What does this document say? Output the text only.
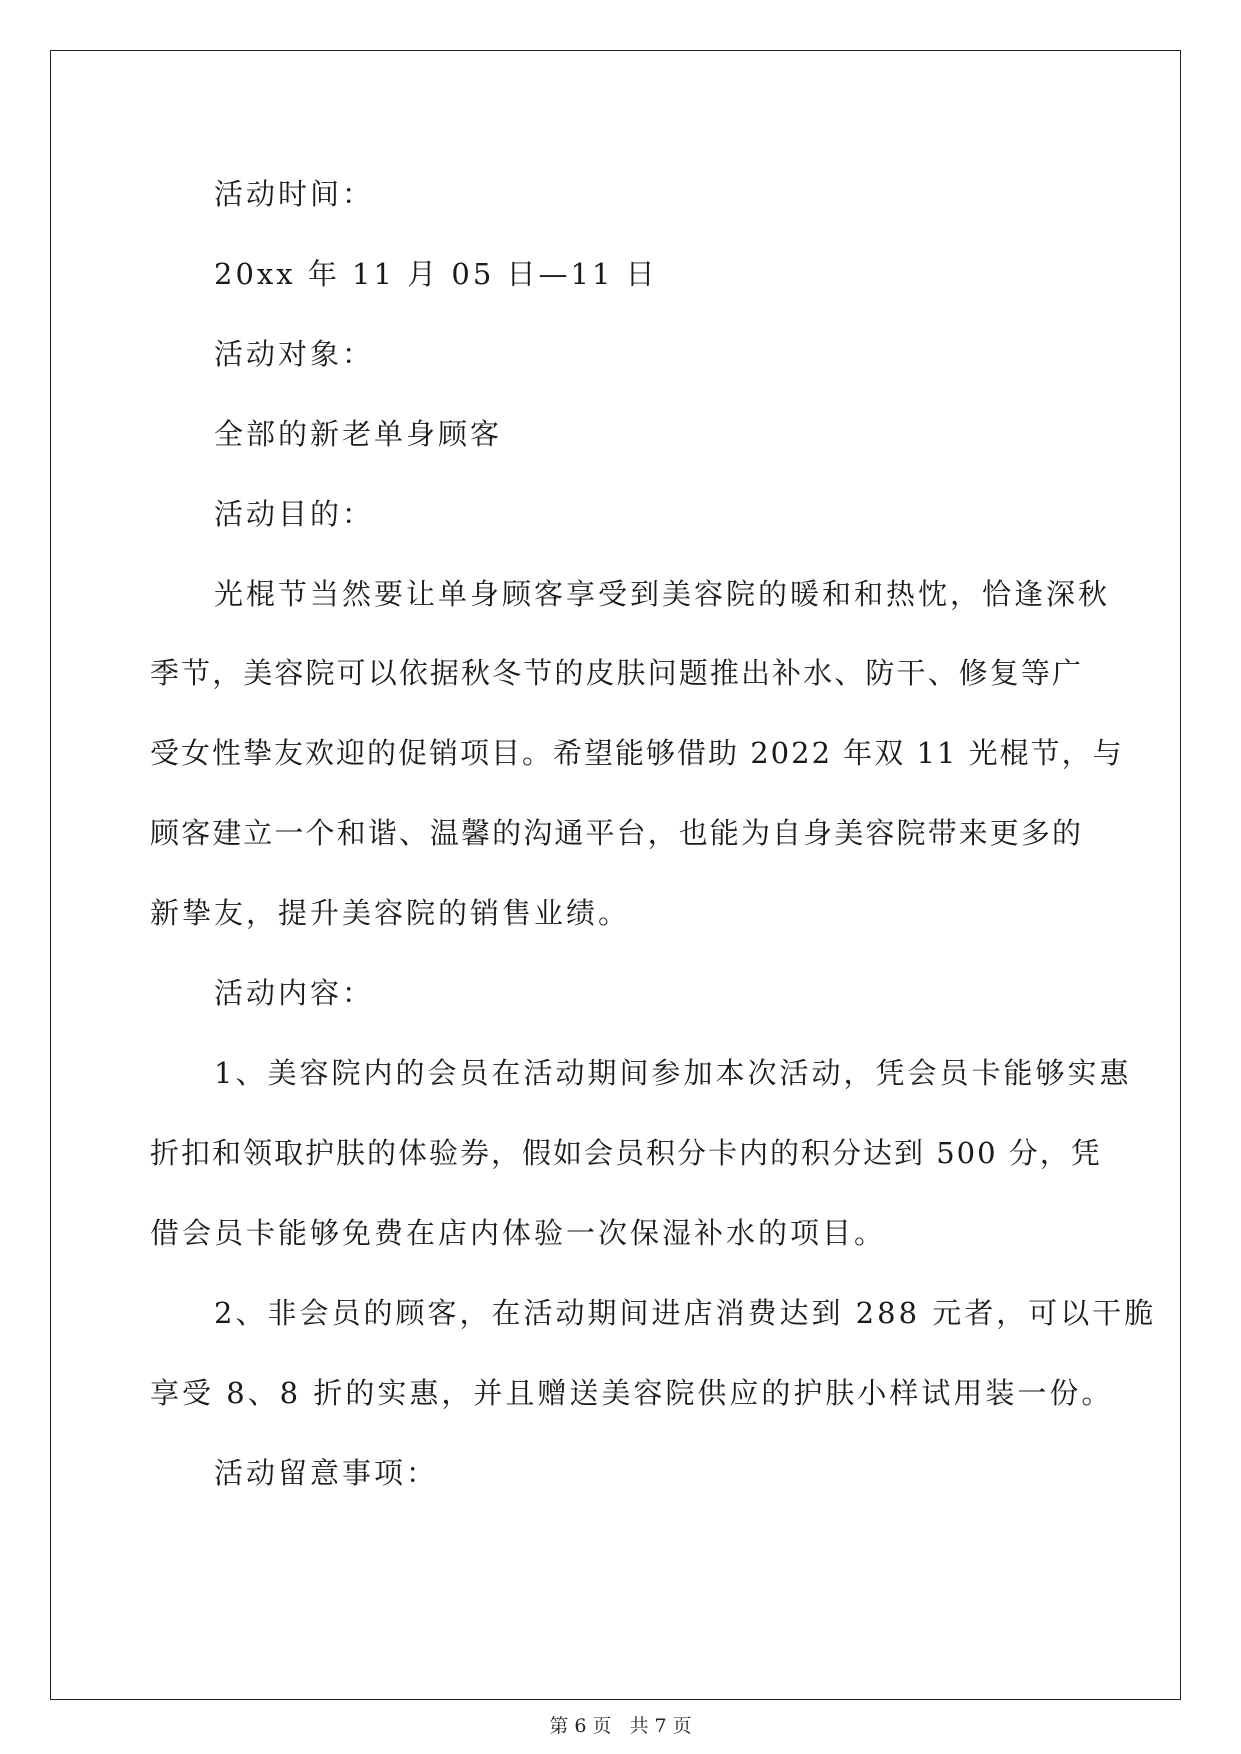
活动时间：
20xx 年 11 月 05 日—11 日
活动对象：
全部的新老单身顾客
活动目的：
光棍节当然要让单身顾客享受到美容院的暖和和热忱，恰逢深秋
季节，美容院可以依据秋冬节的皮肤问题推出补水、防干、修复等广
受女性挚友欢迎的促销项目。希望能够借助 2022 年双 11 光棍节，与
顾客建立一个和谐、温馨的沟通平台，也能为自身美容院带来更多的
新挚友，提升美容院的销售业绩。
活动内容：
1、美容院内的会员在活动期间参加本次活动，凭会员卡能够实惠
折扣和领取护肤的体验券，假如会员积分卡内的积分达到 500 分，凭
借会员卡能够免费在店内体验一次保湿补水的项目。
2、非会员的顾客，在活动期间进店消费达到 288 元者，可以干脆
享受 8、8 折的实惠，并且赠送美容院供应的护肤小样试用装一份。
活动留意事项：
第 6 页 共 7 页
